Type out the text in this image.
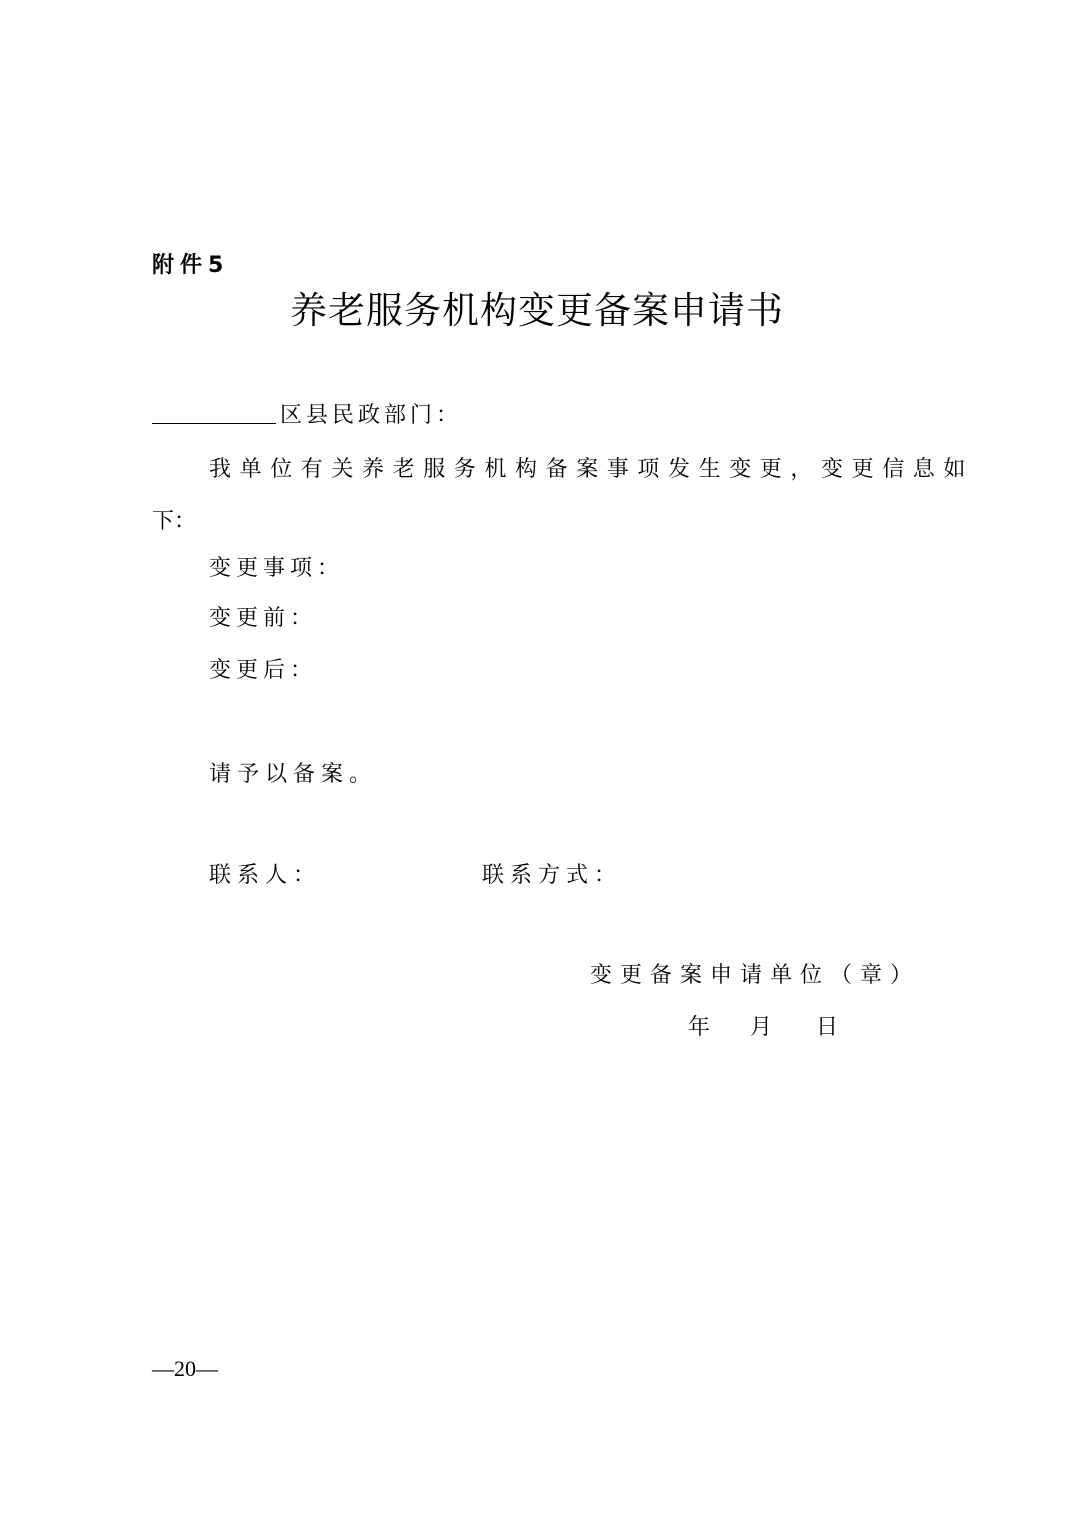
附件5
养老服务机构变更备案申请书
区县民政部门：
我单位有关养老服务机构备案事项发生变更，变更信息如
下：
变更事项：
变更前：
变更后：
请予以备案。
联系人：	联系方式：
变更备案申请单位（章）
年 月 日
—20—
